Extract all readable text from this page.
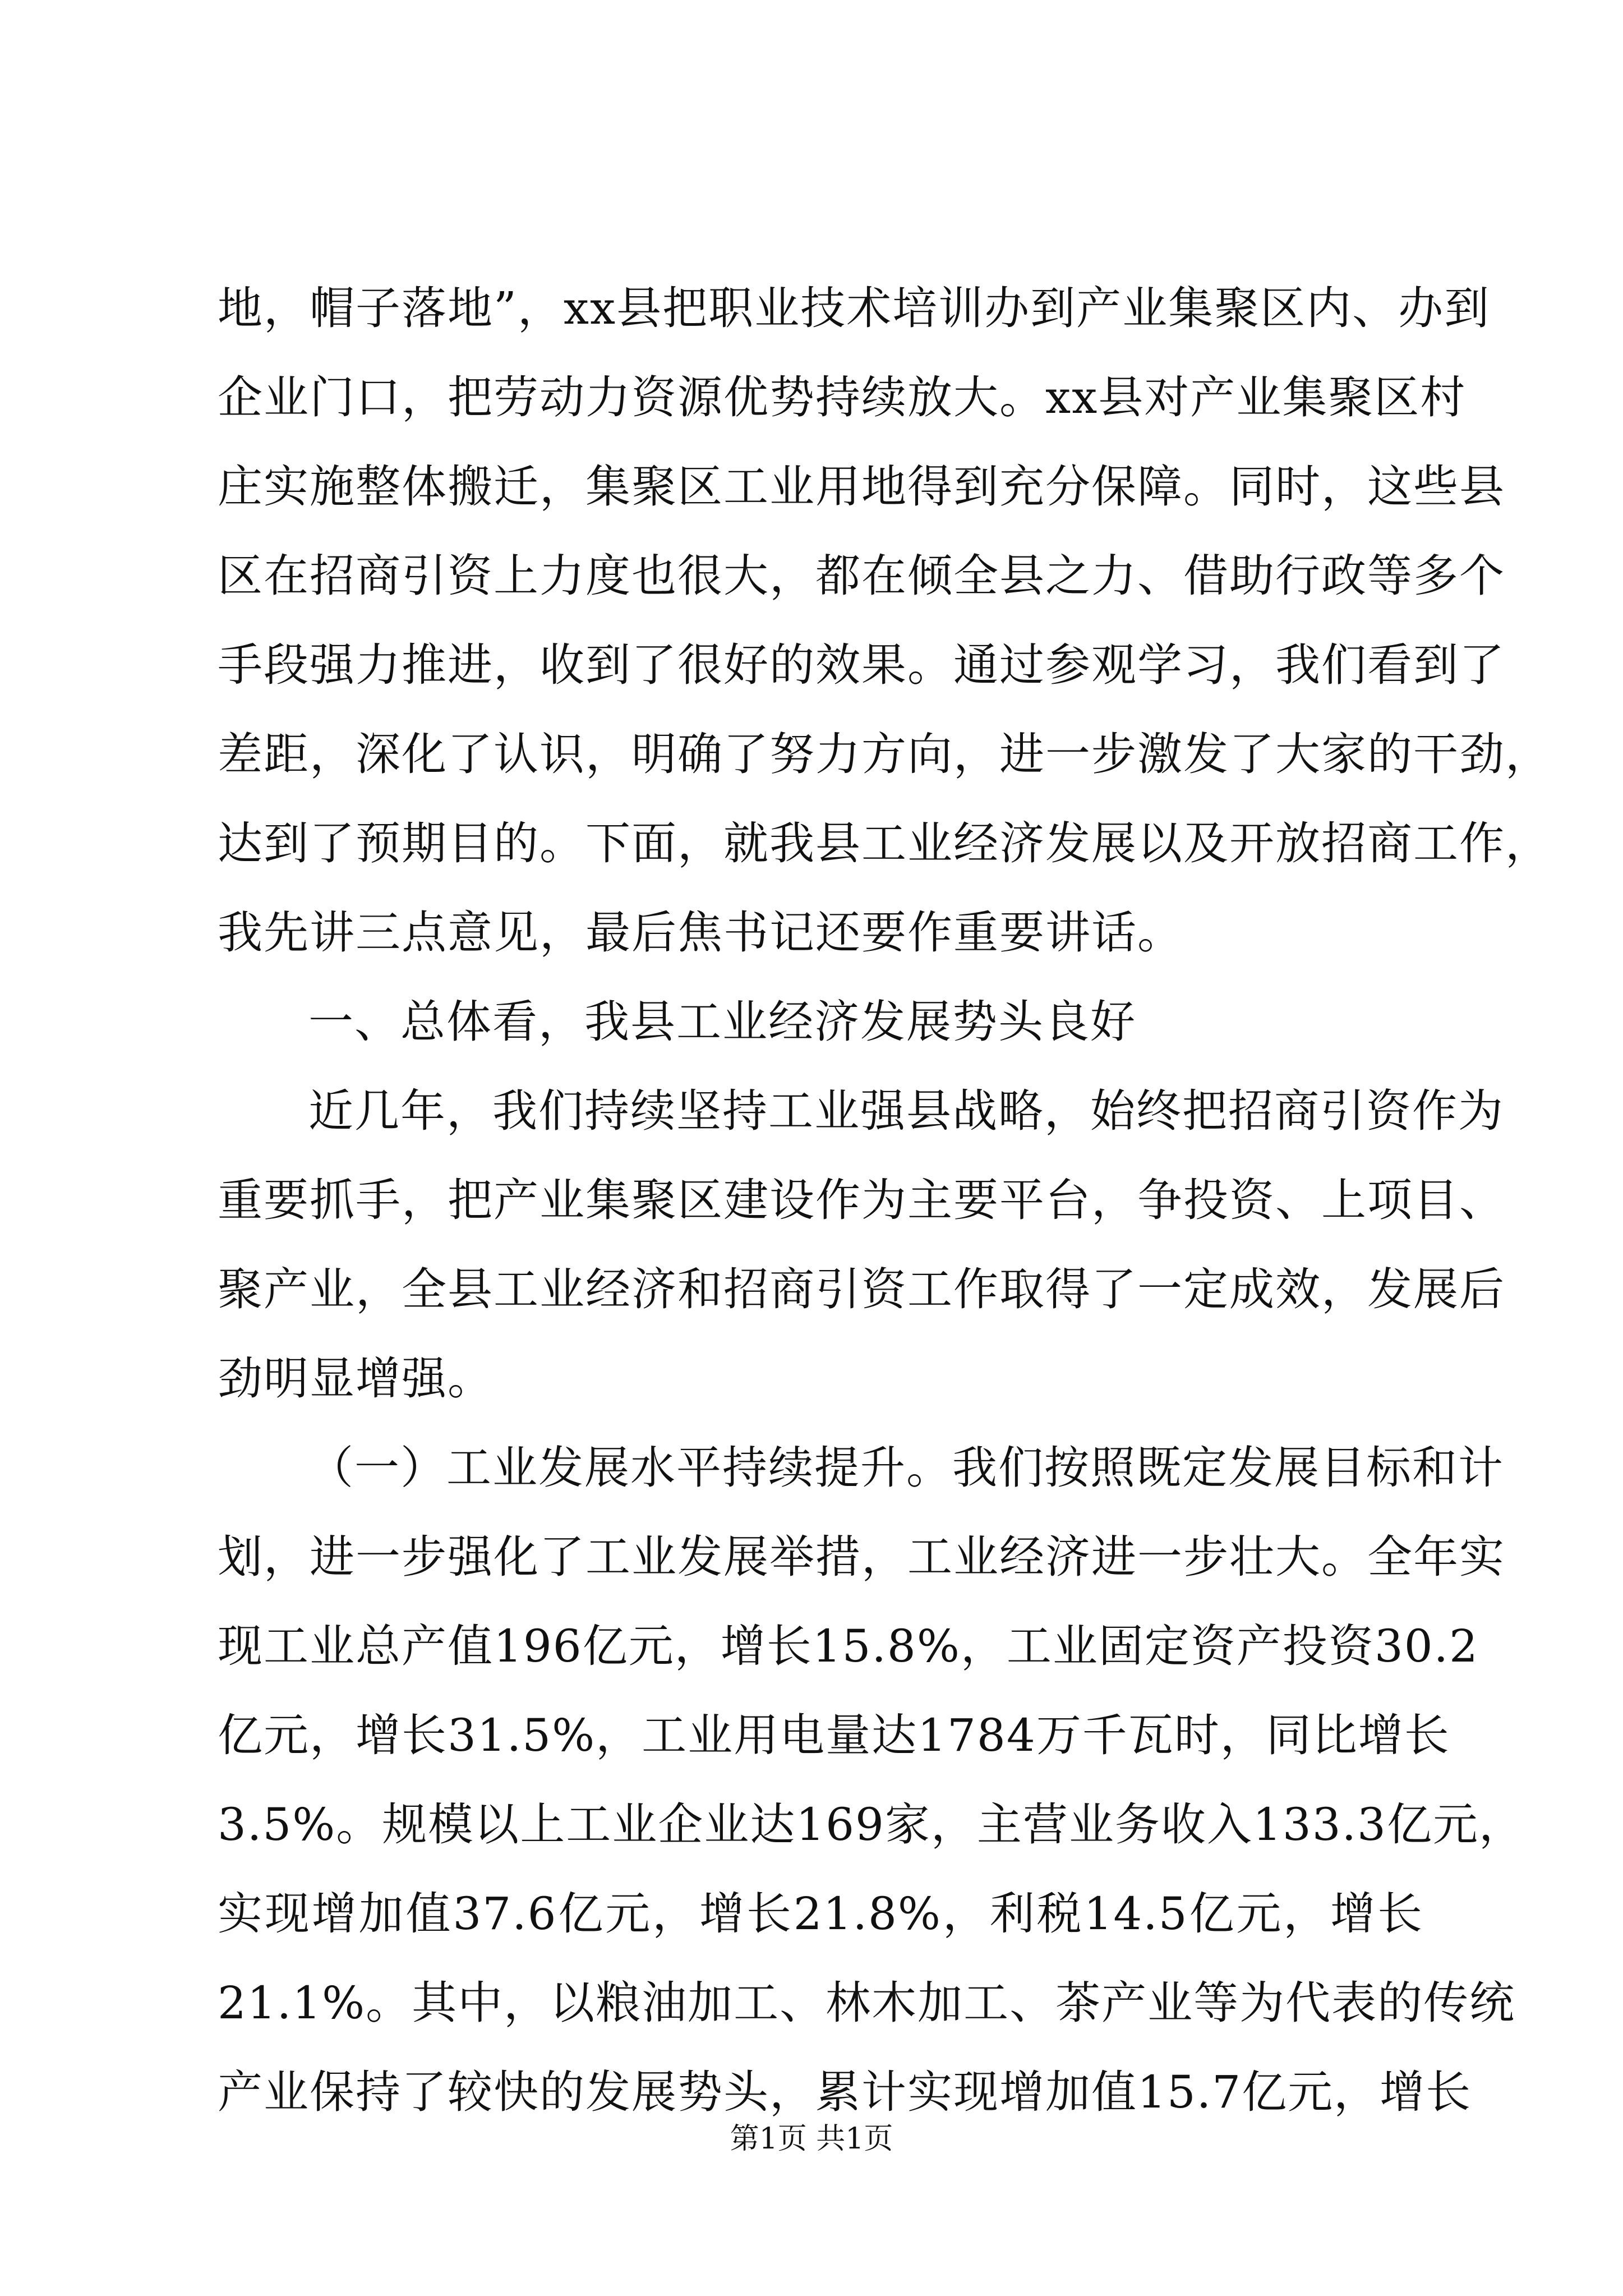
地，帽子落地”，xx县把职业技术培训办到产业集聚区内、办到
企业门口，把劳动力资源优势持续放大。xx县对产业集聚区村
庄实施整体搬迁，集聚区工业用地得到充分保障。同时，这些县
区在招商引资上力度也很大，都在倾全县之力、借助行政等多个
手段强力推进，收到了很好的效果。通过参观学习，我们看到了
差距，深化了认识，明确了努力方向，进一步激发了大家的干劲，
达到了预期目的。下面，就我县工业经济发展以及开放招商工作，
我先讲三点意见，最后焦书记还要作重要讲话。
一、总体看，我县工业经济发展势头良好
近几年，我们持续坚持工业强县战略，始终把招商引资作为
重要抓手，把产业集聚区建设作为主要平台，争投资、上项目、
聚产业，全县工业经济和招商引资工作取得了一定成效，发展后
劲明显增强。
（一）工业发展水平持续提升。我们按照既定发展目标和计
划，进一步强化了工业发展举措，工业经济进一步壮大。全年实
现工业总产值196亿元，增长15.8%，工业固定资产投资30.2
亿元，增长31.5%，工业用电量达1784万千瓦时，同比增长
3.5%。规模以上工业企业达169家，主营业务收入133.3亿元，
实现增加值37.6亿元，增长21.8%，利税14.5亿元，增长
21.1%。其中，以粮油加工、林木加工、茶产业等为代表的传统
产业保持了较快的发展势头，累计实现增加值15.7亿元，增长
第1页 共1页
